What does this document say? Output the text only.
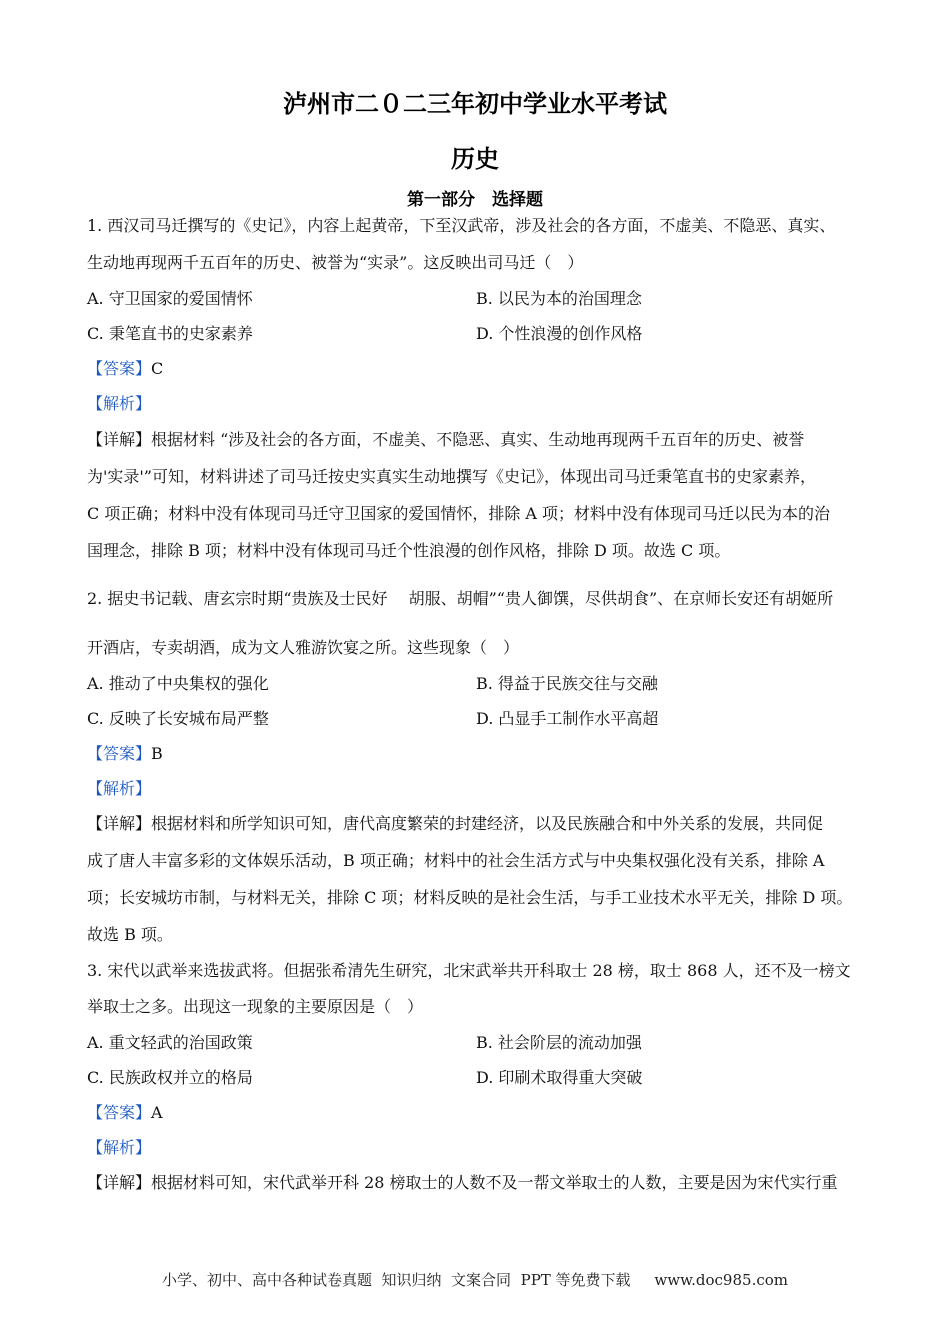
泸州市二０二三年初中学业水平考试
历史
第一部分　选择题
1. 西汉司马迁撰写的《史记》，内容上起黄帝，下至汉武帝，涉及社会的各方面，不虚美、不隐恶、真实、
生动地再现两千五百年的历史、被誉为“实录”。这反映出司马迁（　）
A. 守卫国家的爱国情怀	B. 以民为本的治国理念
C. 秉笔直书的史家素养	D. 个性浪漫的创作风格
【答案】C
【解析】
【详解】根据材料 “涉及社会的各方面，不虚美、不隐恶、真实、生动地再现两千五百年的历史、被誉
为'实录'”可知，材料讲述了司马迁按史实真实生动地撰写《史记》，体现出司马迁秉笔直书的史家素养，
C 项正确；材料中没有体现司马迁守卫国家的爱国情怀，排除 A 项；材料中没有体现司马迁以民为本的治
国理念，排除 B 项；材料中没有体现司马迁个性浪漫的创作风格，排除 D 项。故选 C 项。
2. 据史书记载、唐玄宗时期“贵族及士民好　 胡服、胡帽”“贵人御馔，尽供胡食”、在京师长安还有胡姬所
开酒店，专卖胡酒，成为文人雅游饮宴之所。这些现象（　）
A. 推动了中央集权的强化	B. 得益于民族交往与交融
C. 反映了长安城布局严整	D. 凸显手工制作水平高超
【答案】B
【解析】
【详解】根据材料和所学知识可知，唐代高度繁荣的封建经济，以及民族融合和中外关系的发展，共同促
成了唐人丰富多彩的文体娱乐活动，B 项正确；材料中的社会生活方式与中央集权强化没有关系，排除 A
项；长安城坊市制，与材料无关，排除 C 项；材料反映的是社会生活，与手工业技术水平无关，排除 D 项。
故选 B 项。
3. 宋代以武举来选拔武将。但据张希清先生研究，北宋武举共开科取士 28 榜，取士 868 人，还不及一榜文
举取士之多。出现这一现象的主要原因是（　）
A. 重文轻武的治国政策	B. 社会阶层的流动加强
C. 民族政权并立的格局	D. 印刷术取得重大突破
【答案】A
【解析】
【详解】根据材料可知，宋代武举开科 28 榜取士的人数不及一帮文举取士的人数，主要是因为宋代实行重
小学、初中、高中各种试卷真题  知识归纳  文案合同  PPT 等免费下载     www.doc985.com
